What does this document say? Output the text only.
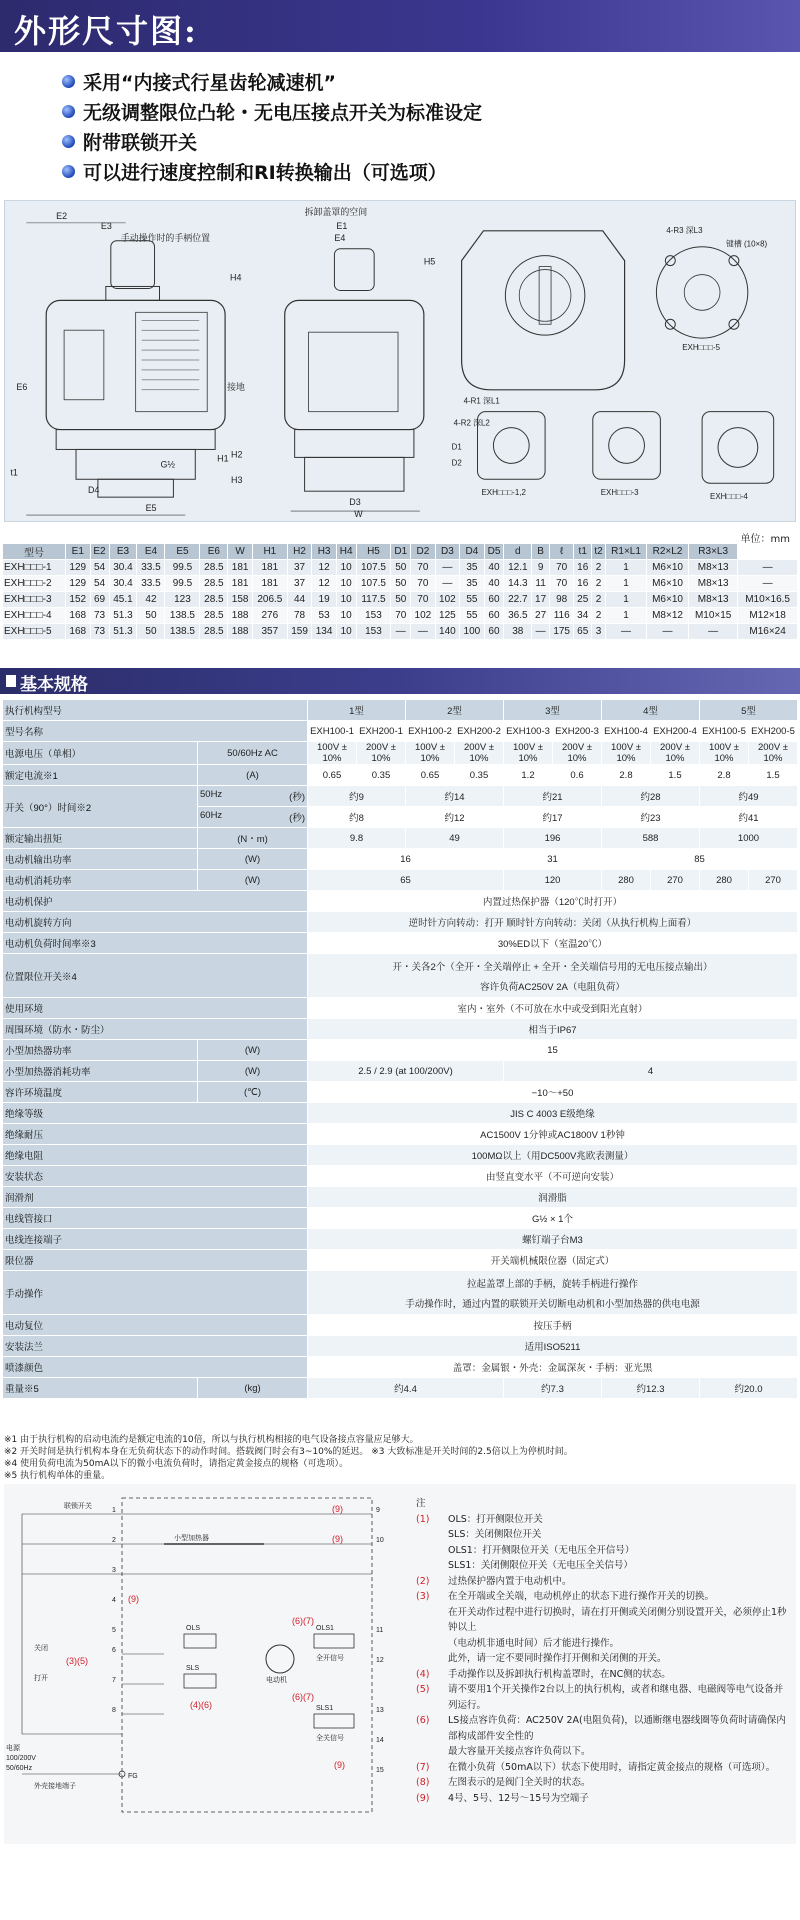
外形尺寸图:
采用“内接式行星齿轮减速机”
无级调整限位凸轮・无电压接点开关为标准设定
附带联锁开关
可以进行速度控制和RI转换输出（可选项）
E2
E3
手动操作时的手柄位置
H4
接地
G½
H2
H1
H3
t1
D4
E5
E6
拆卸盖罩的空间
E1
E4
H5
D3
W
4-R3 深L3
键槽 (10×8)
EXH□□□-5
4-R1 深L1
4-R2 深L2
EXH□□□-1,2	EXH□□□-3	EXH□□□-4
D1
D2
单位：mm
型号	E1	E2	E3	E4	E5	E6	W	H1	H2	H3	H4	H5	D1	D2	D3	D4	D5	d	B	ℓ	t1	t2	R1×L1	R2×L2	R3×L3	
EXH□□□-1	129	54	30.4	33.5	99.5	28.5	181	181	37	12	10	107.5	50	70	—	35	40	12.1	9	70	16	2	1	M6×10	M8×13	—
EXH□□□-2	129	54	30.4	33.5	99.5	28.5	181	181	37	12	10	107.5	50	70	—	35	40	14.3	11	70	16	2	1	M6×10	M8×13	—
EXH□□□-3	152	69	45.1	42	123	28.5	158	206.5	44	19	10	117.5	50	70	102	55	60	22.7	17	98	25	2	1	M6×10	M8×13	M10×16.5
EXH□□□-4	168	73	51.3	50	138.5	28.5	188	276	78	53	10	153	70	102	125	55	60	36.5	27	116	34	2	1	M8×12	M10×15	M12×18
EXH□□□-5	168	73	51.3	50	138.5	28.5	188	357	159	134	10	153	—	—	140	100	60	38	—	175	65	3	—	—	—	M16×24
基本规格
执行机构型号		1型		2型		3型		4型		5型	
型号名称		EXH100-1	EXH200-1	EXH100-2	EXH200-2	EXH100-3	EXH200-3	EXH100-4	EXH200-4	EXH100-5	EXH200-5
电源电压（单相）	50/60Hz AC	100V ± 10%	200V ± 10%	100V ± 10%	200V ± 10%	100V ± 10%	200V ± 10%	100V ± 10%	200V ± 10%	100V ± 10%	200V ± 10%
额定电流※1	(A)	0.65	0.35	0.65	0.35	1.2	0.6	2.8	1.5	2.8	1.5
开关（90°）时间※2	50Hz (秒)	约9		约14		约21		约28		约49	

	60Hz (秒)	约8		约12		约17		约23		约41	
额定输出扭矩	(N・m)	9.8		49		196		588		1000	
电动机输出功率	(W)	16				31		85			
电动机消耗功率	(W)	65				120		280	270	280	270
电动机保护		内置过热保护器（120℃时打开）									
电动机旋转方向		逆时针方向转动：打开 顺时针方向转动：关闭（从执行机构上面看）									
电动机负荷时间率※3		30%ED以下（室温20℃）									
位置限位开关※4		开・关各2个（全开・全关端停止 + 全开・全关端信号用的无电压接点输出）
容许负荷AC250V 2A（电阻负荷）									

使用环境		室内・室外（不可放在水中或受到阳光直射）									
周围环境（防水・防尘）		相当于IP67									
小型加热器功率	(W)	15									
小型加热器消耗功率	(W)	2.5 / 2.9 (at 100/200V)				4					
容许环境温度	(℃)	−10～+50									
绝缘等级		JIS C 4003 E级绝缘									
绝缘耐压		AC1500V 1分钟或AC1800V 1秒钟									
绝缘电阻		100MΩ以上（用DC500V兆欧表测量）									
安装状态		由竖直变水平（不可逆向安装）									
润滑剂		润滑脂									
电线管接口		G½ × 1个									
电线连接端子		螺钉端子台M3									
限位器		开关端机械限位器（固定式）									
手动操作		拉起盖罩上部的手柄，旋转手柄进行操作
手动操作时，通过内置的联锁开关切断电动机和小型加热器的供电电源									

电动复位		按压手柄									
安装法兰		适用ISO5211									
喷漆颜色		盖罩：金属银・外壳：金属深灰・手柄：亚光黑									
重量※5	(kg)	约4.4				约7.3		约12.3		约20.0	
※1 由于执行机构的启动电流约是额定电流的10倍，所以与执行机构相接的电气设备接点容量应足够大。
※2 开关时间是执行机构本身在无负荷状态下的动作时间。搭载阀门时会有3~10%的延迟。 ※3 大致标准是开关时间的2.5倍以上为停机时间。
※4 使用负荷电流为50mA以下的微小电流负荷时，请指定黄金接点的规格（可选项）。
※5 执行机构单体的重量。
1
2
3
4
5
6
7
8
9
10
11
12
13
14
15
联锁开关
小型加热器
电动机
电源
100/200V
50/60Hz
关闭
打开
FG
外壳接地端子
OLS
SLS
OLS1
SLS1
全开信号
全关信号
(9)
(9)
(9)
(3)(5)
(4)(6)
(6)(7)
(6)(7)
(9)
注
(1)	OLS：打开侧限位开关
SLS：关闭侧限位开关
OLS1：打开侧限位开关（无电压全开信号）
SLS1：关闭侧限位开关（无电压全关信号）
(2)	过热保护器内置于电动机中。
(3)	在全开端或全关端，电动机停止的状态下进行操作开关的切换。
在开关动作过程中进行切换时，请在打开侧或关闭侧分别设置开关，必须停止1秒钟以上
（电动机非通电时间）后才能进行操作。
此外，请一定不要同时操作打开侧和关闭侧的开关。
(4)	手动操作以及拆卸执行机构盖罩时，在NC侧的状态。
(5)	请不要用1个开关操作2台以上的执行机构，或者和继电器、电磁阀等电气设备并列运行。
(6)	LS接点容许负荷：AC250V 2A(电阻负荷)，以通断继电器线圈等负荷时请确保内部构成部件安全性的
最大容量开关接点容许负荷以下。
(7)	在微小负荷（50mA以下）状态下使用时，请指定黄金接点的规格（可选项）。
(8)	左图表示的是阀门全关时的状态。
(9)	4号、5号、12号～15号为空端子
